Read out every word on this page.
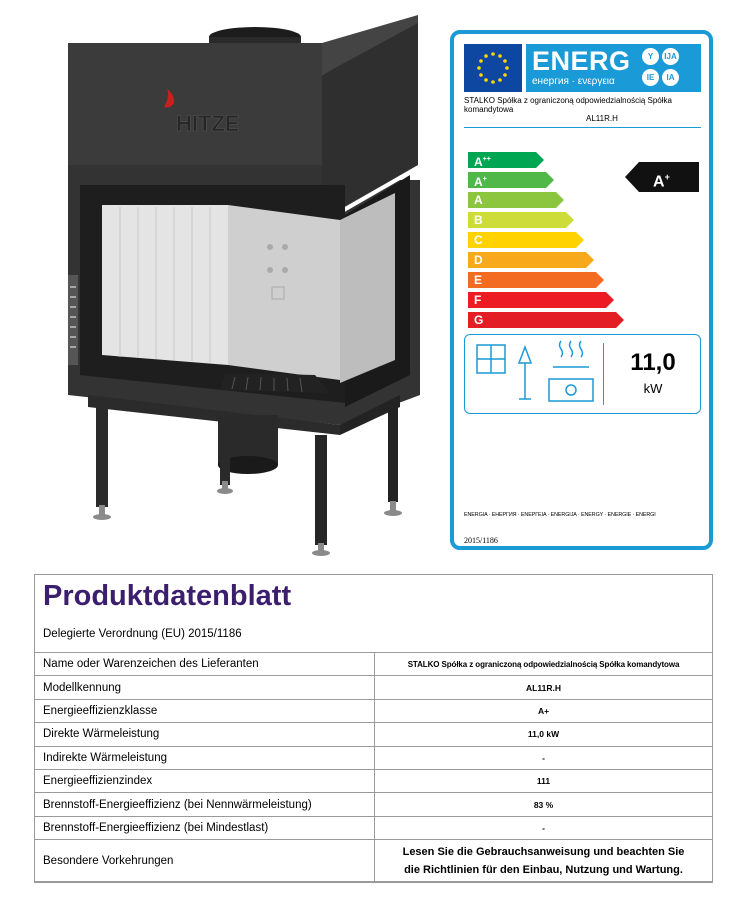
HITZE
ENERG
енергия · ενεργεια
Y	IJA
IE	IA
STALKO Spółka z ograniczoną odpowiedzialnością Spółka komandytowa
AL11R.H
A++
A+
A
B
C
D
E
F
G
A+
11,0
kW
ENERGIA · ЕНЕРГИЯ · ΕΝΕΡΓΕΙΑ · ENERGIJA · ENERGY · ENERGIE · ENERGI
2015/1186
Produktdatenblatt
Delegierte Verordnung (EU) 2015/1186
Name oder Warenzeichen des Lieferanten	STALKO Spółka z ograniczoną odpowiedzialnością Spółka komandytowa
Modellkennung	AL11R.H
Energieeffizienzklasse	A+
Direkte Wärmeleistung	11,0 kW
Indirekte Wärmeleistung	-
Energieeffizienzindex	111
Brennstoff-Energieeffizienz (bei Nennwärmeleistung)	83 %
Brennstoff-Energieeffizienz (bei Mindestlast)	-
Besondere Vorkehrungen	Lesen Sie die Gebrauchsanweisung und beachten Sie
die Richtlinien für den Einbau, Nutzung und Wartung.
